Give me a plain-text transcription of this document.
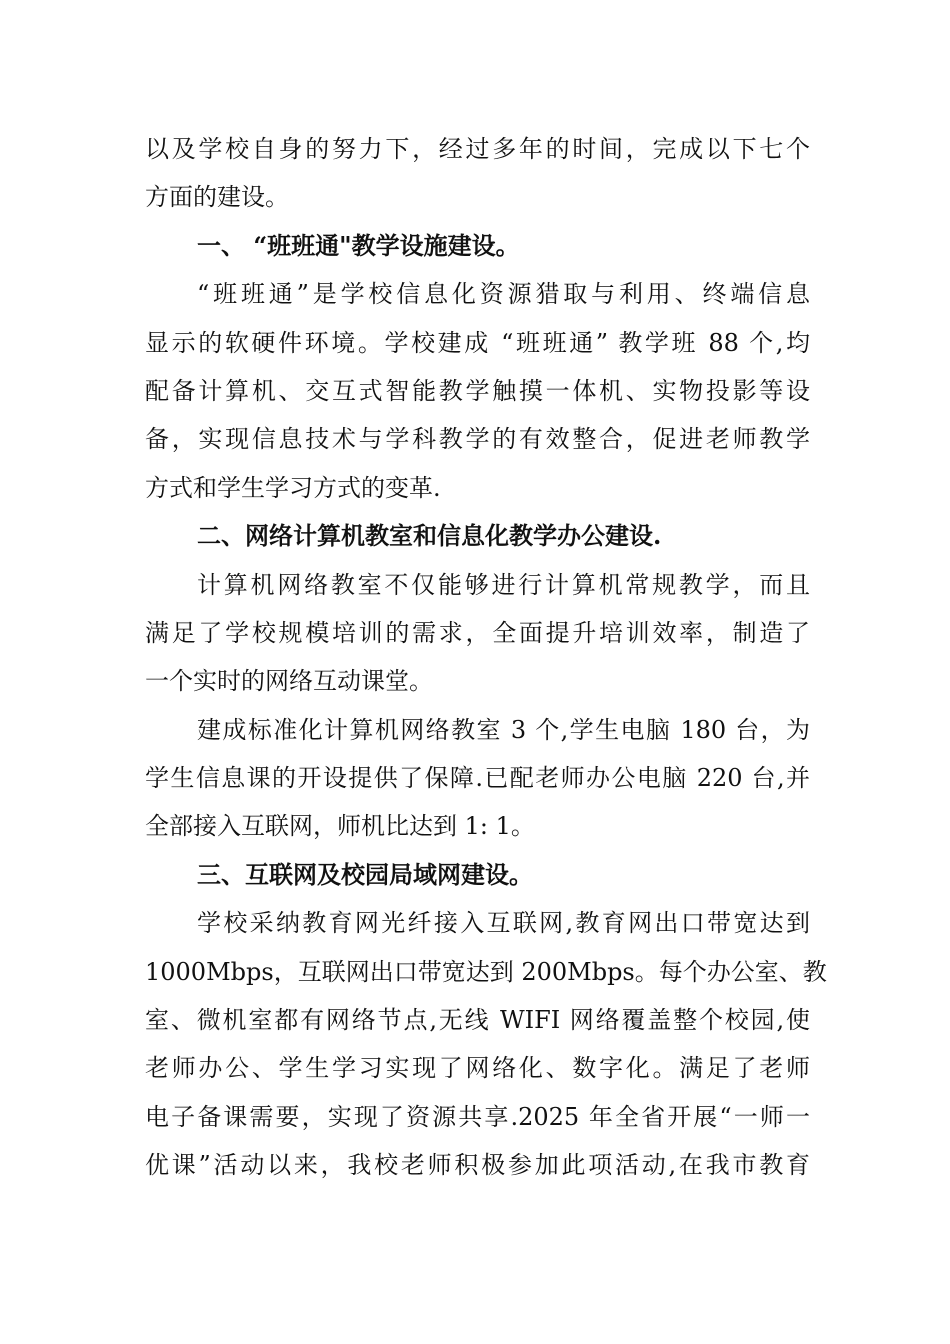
以及学校自身的努力下，经过多年的时间，完成以下七个
方面的建设。
一、 “班班通"教学设施建设。
“班班通”是学校信息化资源猎取与利用、终端信息
显示的软硬件环境。学校建成 “班班通” 教学班 88 个,均
配备计算机、交互式智能教学触摸一体机、实物投影等设
备，实现信息技术与学科教学的有效整合，促进老师教学
方式和学生学习方式的变革.
二、网络计算机教室和信息化教学办公建设.
计算机网络教室不仅能够进行计算机常规教学，而且
满足了学校规模培训的需求，全面提升培训效率，制造了
一个实时的网络互动课堂。
建成标准化计算机网络教室 3 个,学生电脑 180 台，为
学生信息课的开设提供了保障.已配老师办公电脑 220 台,并
全部接入互联网，师机比达到 1: 1。
三、互联网及校园局域网建设。
学校采纳教育网光纤接入互联网,教育网出口带宽达到
1000Mbps，互联网出口带宽达到 200Mbps。每个办公室、教
室、微机室都有网络节点,无线 WIFI 网络覆盖整个校园,使
老师办公、学生学习实现了网络化、数字化。满足了老师
电子备课需要，实现了资源共享.2025 年全省开展“一师一
优课”活动以来，我校老师积极参加此项活动,在我市教育
